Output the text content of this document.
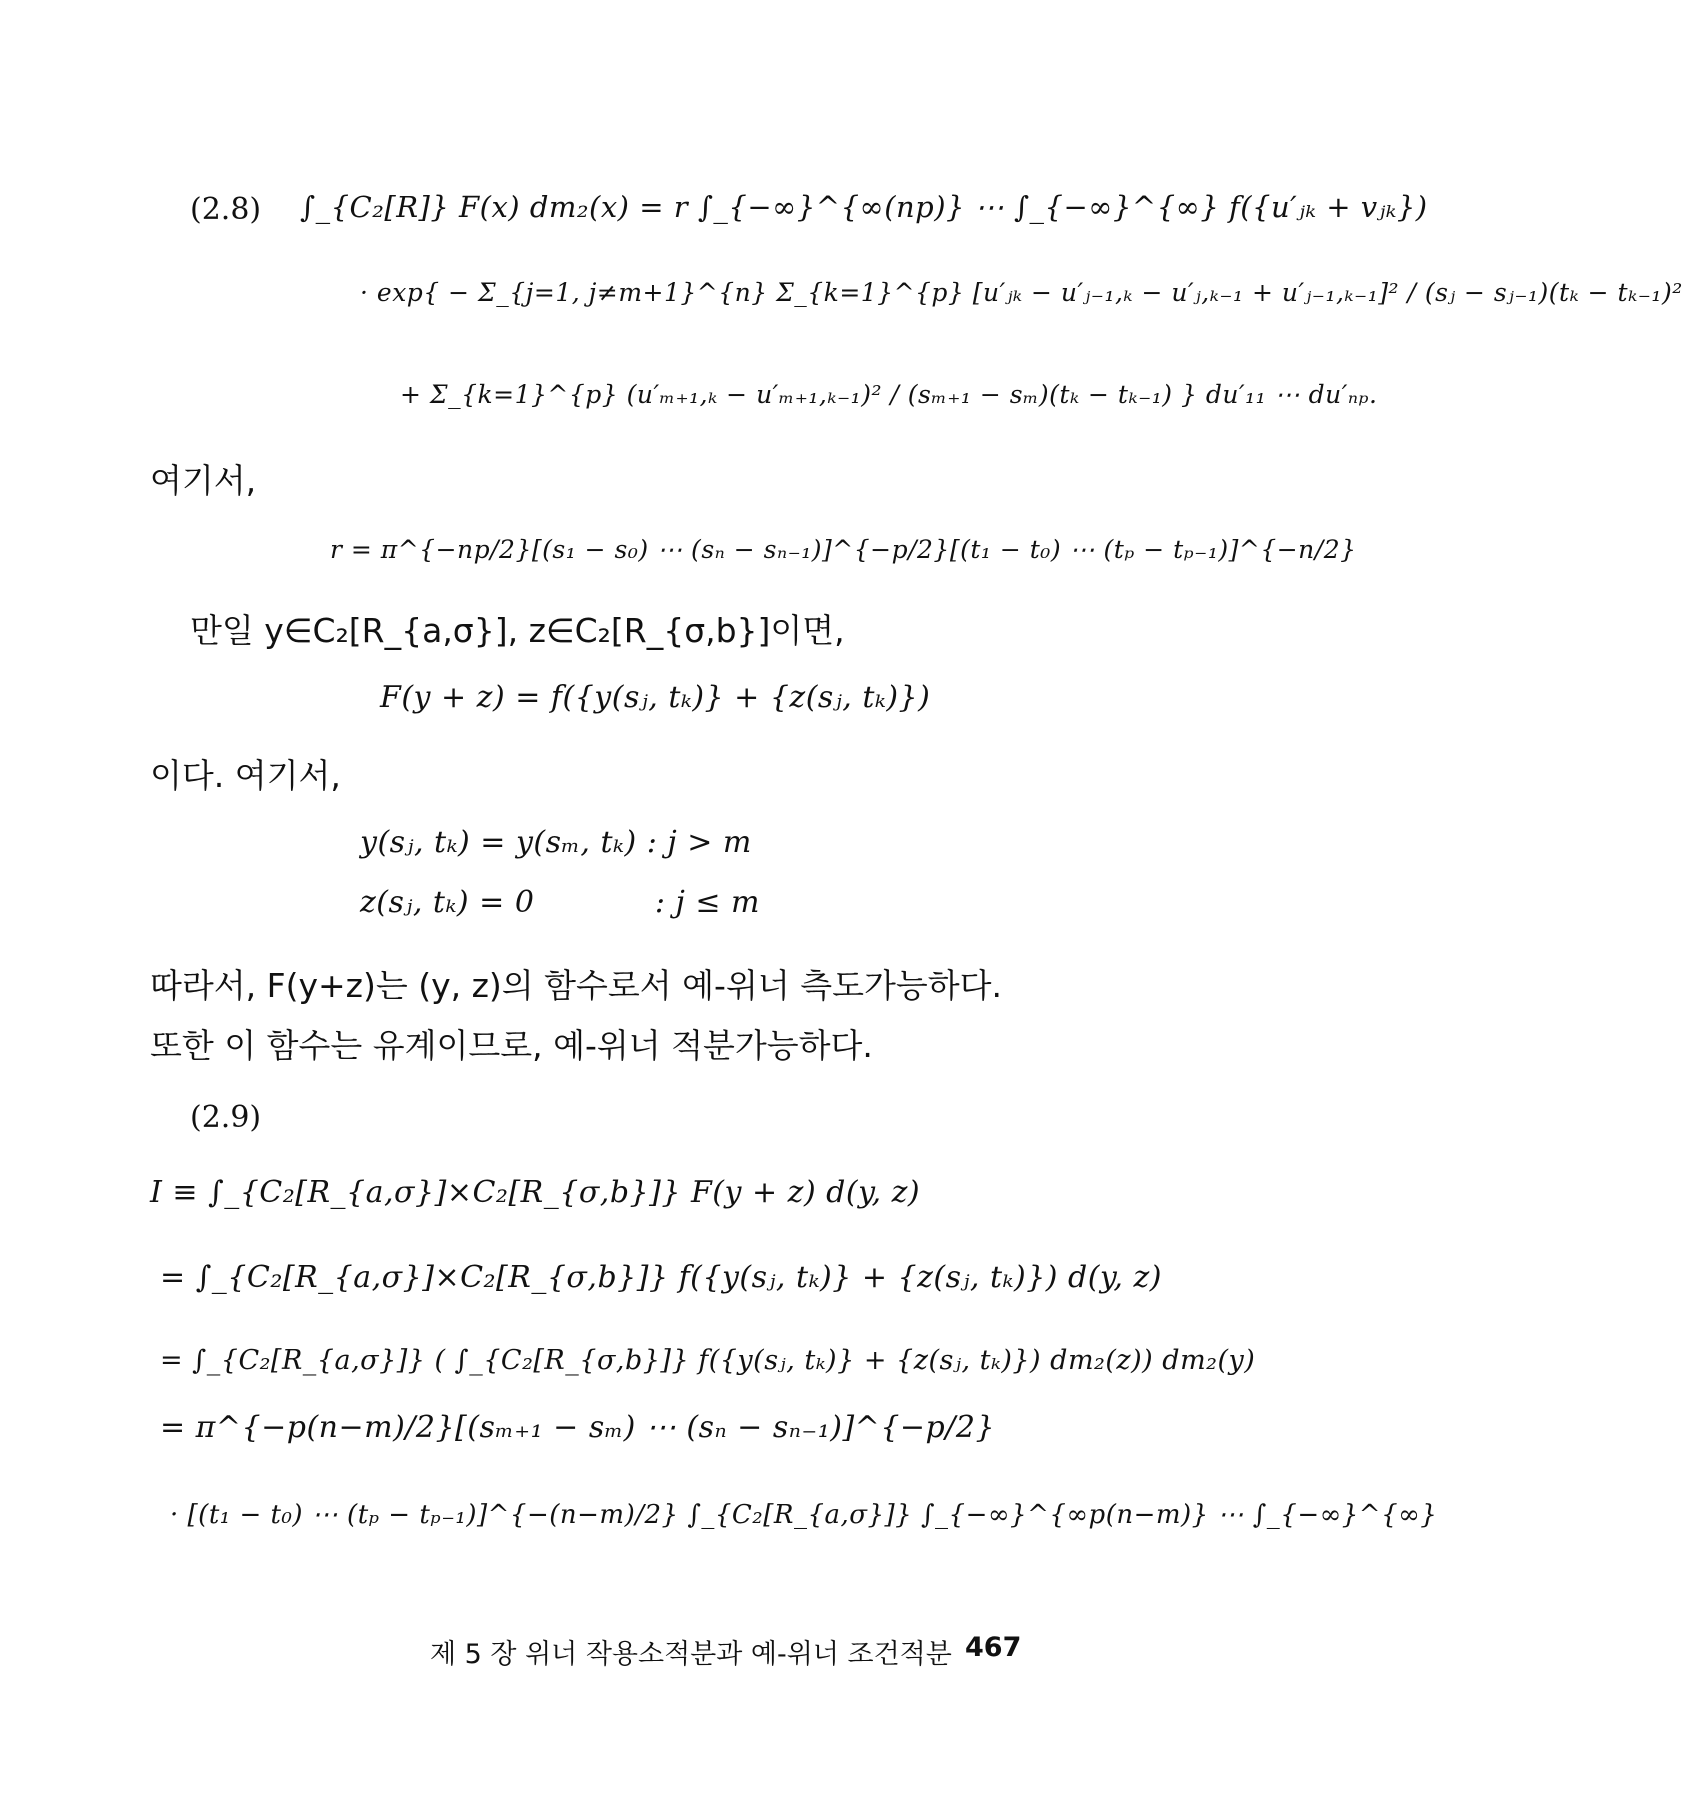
(2.8) ∫_{C₂[R]} F(x) dm₂(x) = r ∫_{−∞}^{∞(np)} ⋯ ∫_{−∞}^{∞} f({u′ⱼₖ + vⱼₖ})
· exp{ − Σ_{j=1, j≠m+1}^{n} Σ_{k=1}^{p} [u′ⱼₖ − u′ⱼ₋₁,ₖ − u′ⱼ,ₖ₋₁ + u′ⱼ₋₁,ₖ₋₁]² / (sⱼ − sⱼ₋₁)(tₖ − tₖ₋₁)²
+ Σ_{k=1}^{p} (u′ₘ₊₁,ₖ − u′ₘ₊₁,ₖ₋₁)² / (sₘ₊₁ − sₘ)(tₖ − tₖ₋₁) } du′₁₁ ⋯ du′ₙₚ.
여기서,
r = π^{−np/2}[(s₁ − s₀) ⋯ (sₙ − sₙ₋₁)]^{−p/2}[(t₁ − t₀) ⋯ (tₚ − tₚ₋₁)]^{−n/2}
만일 y∈C₂[R_{a,σ}], z∈C₂[R_{σ,b}]이면,
F(y + z) = f({y(sⱼ, tₖ)} + {z(sⱼ, tₖ)})
이다. 여기서,
y(sⱼ, tₖ) = y(sₘ, tₖ) : j > m
z(sⱼ, tₖ) = 0            : j ≤ m
따라서, F(y+z)는 (y, z)의 함수로서 예-위너 측도가능하다.
또한 이 함수는 유계이므로, 예-위너 적분가능하다.
(2.9)
I ≡ ∫_{C₂[R_{a,σ}]×C₂[R_{σ,b}]} F(y + z) d(y, z)
= ∫_{C₂[R_{a,σ}]×C₂[R_{σ,b}]} f({y(sⱼ, tₖ)} + {z(sⱼ, tₖ)}) d(y, z)
= ∫_{C₂[R_{a,σ}]} ( ∫_{C₂[R_{σ,b}]} f({y(sⱼ, tₖ)} + {z(sⱼ, tₖ)}) dm₂(z)) dm₂(y)
= π^{−p(n−m)/2}[(sₘ₊₁ − sₘ) ⋯ (sₙ − sₙ₋₁)]^{−p/2}
· [(t₁ − t₀) ⋯ (tₚ − tₚ₋₁)]^{−(n−m)/2} ∫_{C₂[R_{a,σ}]} ∫_{−∞}^{∞p(n−m)} ⋯ ∫_{−∞}^{∞}
제 5 장 위너 작용소적분과 예-위너 조건적분 467
